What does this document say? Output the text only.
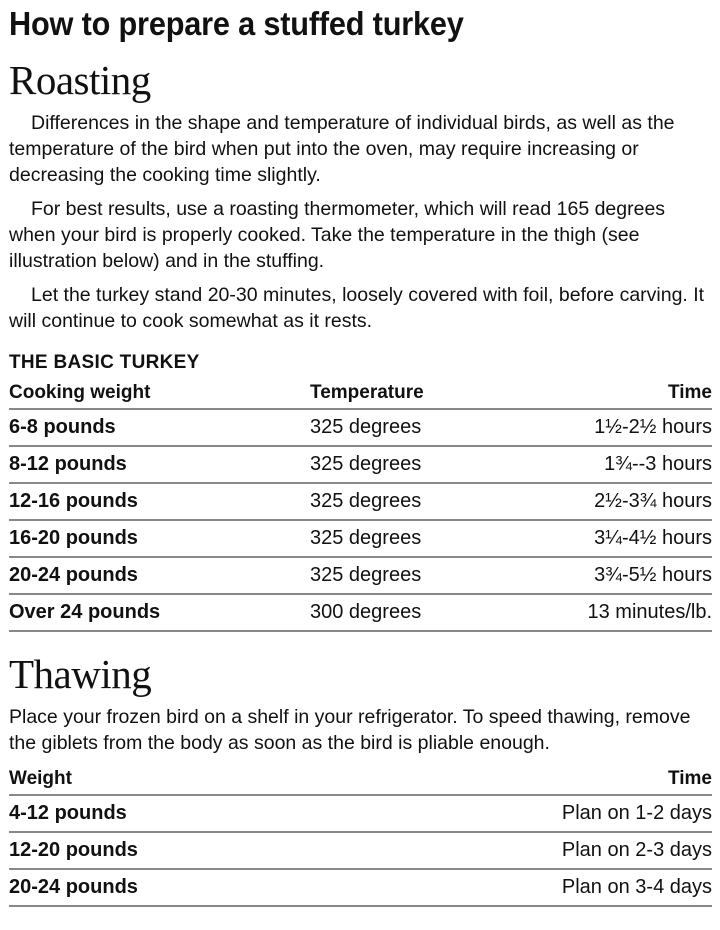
How to prepare a stuffed turkey
Roasting

Differences in the shape and temperature of individual birds, as well as the temperature of the bird when put into the oven, may require increasing or decreasing the cooking time slightly.

For best results, use a roasting thermometer, which will read 165 degrees when your bird is properly cooked. Take the temperature in the thigh (see illustration below) and in the stuffing.

Let the turkey stand 20-30 minutes, loosely covered with foil, before carving. It will continue to cook somewhat as it rests.

THE BASIC TURKEY
Cooking weight	Temperature	Time
6-8 pounds	325 degrees	1½-2½ hours
8-12 pounds	325 degrees	1¾--3 hours
12-16 pounds	325 degrees	2½-3¾ hours
16-20 pounds	325 degrees	3¼-4½ hours
20-24 pounds	325 degrees	3¾-5½ hours
Over 24 pounds	300 degrees	13 minutes/lb.
Thawing

Place your frozen bird on a shelf in your refrigerator. To speed thawing, remove the giblets from the body as soon as the bird is pliable enough.

Weight	Time
4-12 pounds	Plan on 1-2 days
12-20 pounds	Plan on 2-3 days
20-24 pounds	Plan on 3-4 days
